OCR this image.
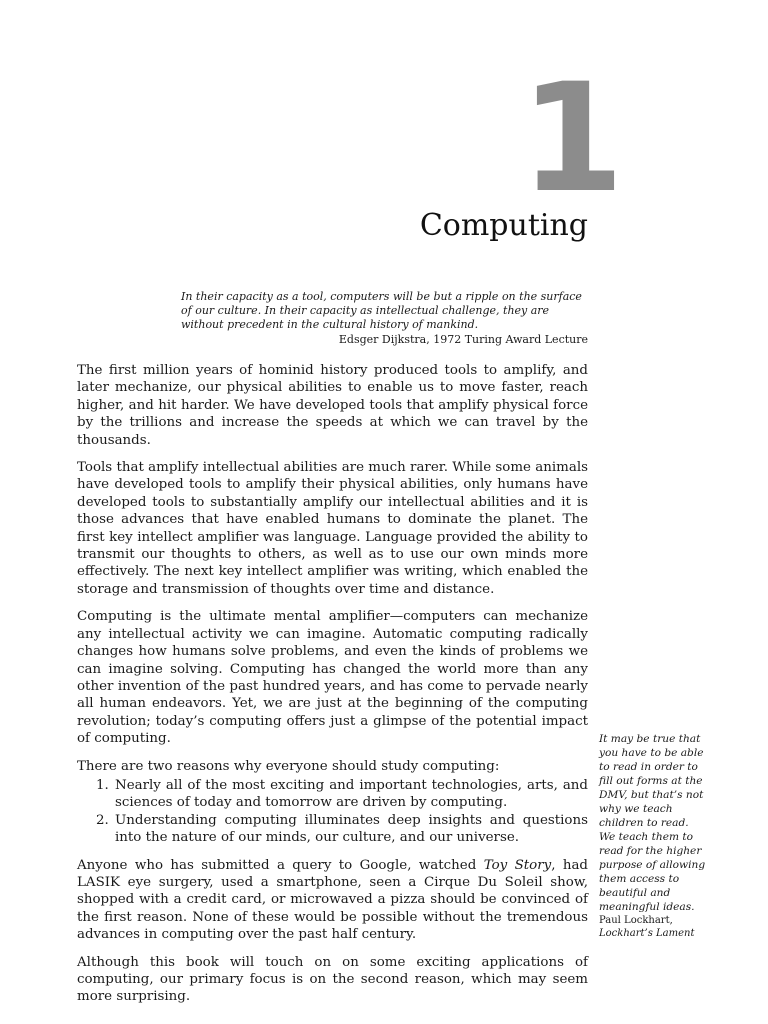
1
Computing

In their capacity as a tool, computers will be but a ripple on the surface of our culture. In their capacity as intellectual challenge, they are without precedent in the cultural history of mankind.

Edsger Dijkstra, 1972 Turing Award Lecture

The first million years of hominid history produced tools to amplify, and later mechanize, our physical abilities to enable us to move faster, reach higher, and hit harder. We have developed tools that amplify physical force by the trillions and increase the speeds at which we can travel by the thousands.

Tools that amplify intellectual abilities are much rarer. While some animals have developed tools to amplify their physical abilities, only humans have developed tools to substantially amplify our intellectual abilities and it is those advances that have enabled humans to dominate the planet. The first key intellect amplifier was language. Language provided the ability to transmit our thoughts to others, as well as to use our own minds more effectively. The next key intellect amplifier was writing, which enabled the storage and transmission of thoughts over time and distance.

Computing is the ultimate mental amplifier—computers can mechanize any intellectual activity we can imagine. Automatic computing radically changes how humans solve problems, and even the kinds of problems we can imagine solving. Computing has changed the world more than any other invention of the past hundred years, and has come to pervade nearly all human endeavors. Yet, we are just at the beginning of the computing revolution; today’s computing offers just a glimpse of the potential impact of computing.

There are two reasons why everyone should study computing:

1. Nearly all of the most exciting and important technologies, arts, and sciences of today and tomorrow are driven by computing.
2. Understanding computing illuminates deep insights and questions into the nature of our minds, our culture, and our universe.

Anyone who has submitted a query to Google, watched Toy Story, had LASIK eye surgery, used a smartphone, seen a Cirque Du Soleil show, shopped with a credit card, or microwaved a pizza should be convinced of the first reason. None of these would be possible without the tremendous advances in computing over the past half century.

Although this book will touch on on some exciting applications of computing, our primary focus is on the second reason, which may seem more surprising.

It may be true that you have to be able to read in order to fill out forms at the DMV, but that’s not why we teach children to read. We teach them to read for the higher purpose of allowing them access to beautiful and meaningful ideas.

Paul Lockhart,

Lockhart’s Lament
